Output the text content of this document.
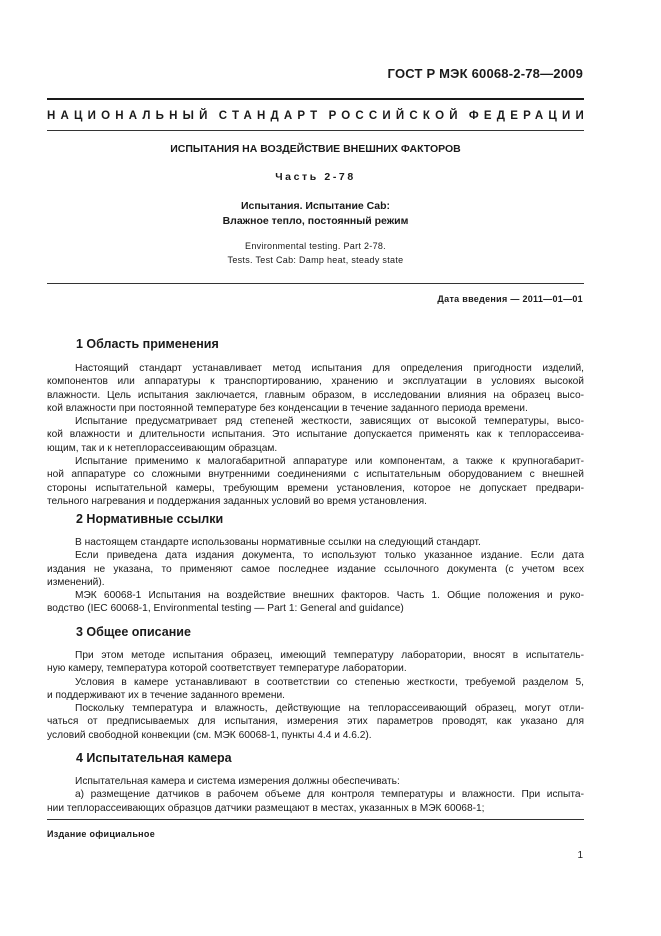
ГОСТ Р МЭК 60068-2-78—2009
НАЦИОНАЛЬНЫЙ СТАНДАРТ РОССИЙСКОЙ ФЕДЕРАЦИИ
ИСПЫТАНИЯ НА ВОЗДЕЙСТВИЕ ВНЕШНИХ ФАКТОРОВ
Часть 2-78
Испытания. Испытание Cab:
Влажное тепло, постоянный режим
Environmental testing. Part 2-78.
Tests. Test Cab: Damp heat, steady state
Дата введения — 2011—01—01
1 Область применения
Настоящий стандарт устанавливает метод испытания для определения пригодности изделий,
компонентов или аппаратуры к транспортированию, хранению и эксплуатации в условиях высокой
влажности. Цель испытания заключается, главным образом, в исследовании влияния на образец высо-
кой влажности при постоянной температуре без конденсации в течение заданного периода времени.
Испытание предусматривает ряд степеней жесткости, зависящих от высокой температуры, высо-
кой влажности и длительности испытания. Это испытание допускается применять как к теплорассеива-
ющим, так и к нетеплорассеивающим образцам.
Испытание применимо к малогабаритной аппаратуре или компонентам, а также к крупногабарит-
ной аппаратуре со сложными внутренними соединениями с испытательным оборудованием с внешней
стороны испытательной камеры, требующим времени установления, которое не допускает предвари-
тельного нагревания и поддержания заданных условий во время установления.
2 Нормативные ссылки
В настоящем стандарте использованы нормативные ссылки на следующий стандарт.
Если приведена дата издания документа, то используют только указанное издание. Если дата
издания не указана, то применяют самое последнее издание ссылочного документа (с учетом всех
изменений).
МЭК 60068-1 Испытания на воздействие внешних факторов. Часть 1. Общие положения и руко-
водство (IEC 60068-1, Environmental testing — Part 1: General and guidance)
3 Общее описание
При этом методе испытания образец, имеющий температуру лаборатории, вносят в испытатель-
ную камеру, температура которой соответствует температуре лаборатории.
Условия в камере устанавливают в соответствии со степенью жесткости, требуемой разделом 5,
и поддерживают их в течение заданного времени.
Поскольку температура и влажность, действующие на теплорассеивающий образец, могут отли-
чаться от предписываемых для испытания, измерения этих параметров проводят, как указано для
условий свободной конвекции (см. МЭК 60068-1, пункты 4.4 и 4.6.2).
4 Испытательная камера
Испытательная камера и система измерения должны обеспечивать:
а) размещение датчиков в рабочем объеме для контроля температуры и влажности. При испыта-
нии теплорассеивающих образцов датчики размещают в местах, указанных в МЭК 60068-1;
Издание официальное
1
